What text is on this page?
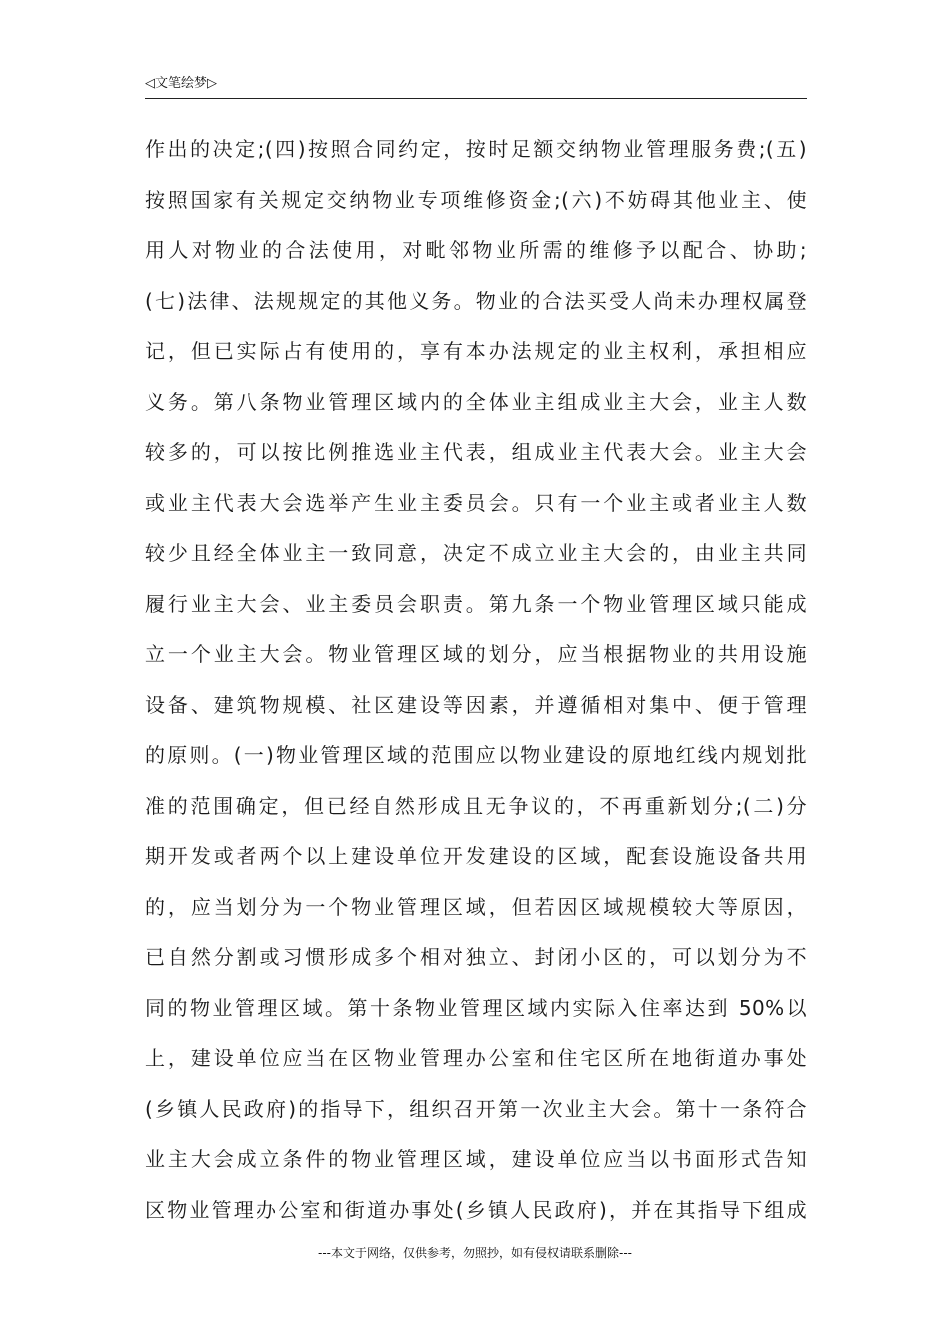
◁文笔绘梦▷
作出的决定;(四)按照合同约定，按时足额交纳物业管理服务费;(五)
按照国家有关规定交纳物业专项维修资金;(六)不妨碍其他业主、使
用人对物业的合法使用，对毗邻物业所需的维修予以配合、协助;
(七)法律、法规规定的其他义务。物业的合法买受人尚未办理权属登
记，但已实际占有使用的，享有本办法规定的业主权利，承担相应
义务。第八条物业管理区域内的全体业主组成业主大会，业主人数
较多的，可以按比例推选业主代表，组成业主代表大会。业主大会
或业主代表大会选举产生业主委员会。只有一个业主或者业主人数
较少且经全体业主一致同意，决定不成立业主大会的，由业主共同
履行业主大会、业主委员会职责。第九条一个物业管理区域只能成
立一个业主大会。物业管理区域的划分，应当根据物业的共用设施
设备、建筑物规模、社区建设等因素，并遵循相对集中、便于管理
的原则。(一)物业管理区域的范围应以物业建设的原地红线内规划批
准的范围确定，但已经自然形成且无争议的，不再重新划分;(二)分
期开发或者两个以上建设单位开发建设的区域，配套设施设备共用
的，应当划分为一个物业管理区域，但若因区域规模较大等原因，
已自然分割或习惯形成多个相对独立、封闭小区的，可以划分为不
同的物业管理区域。第十条物业管理区域内实际入住率达到 50%以
上，建设单位应当在区物业管理办公室和住宅区所在地街道办事处
(乡镇人民政府)的指导下，组织召开第一次业主大会。第十一条符合
业主大会成立条件的物业管理区域，建设单位应当以书面形式告知
区物业管理办公室和街道办事处(乡镇人民政府)，并在其指导下组成
---本文于网络，仅供参考，勿照抄，如有侵权请联系删除---
